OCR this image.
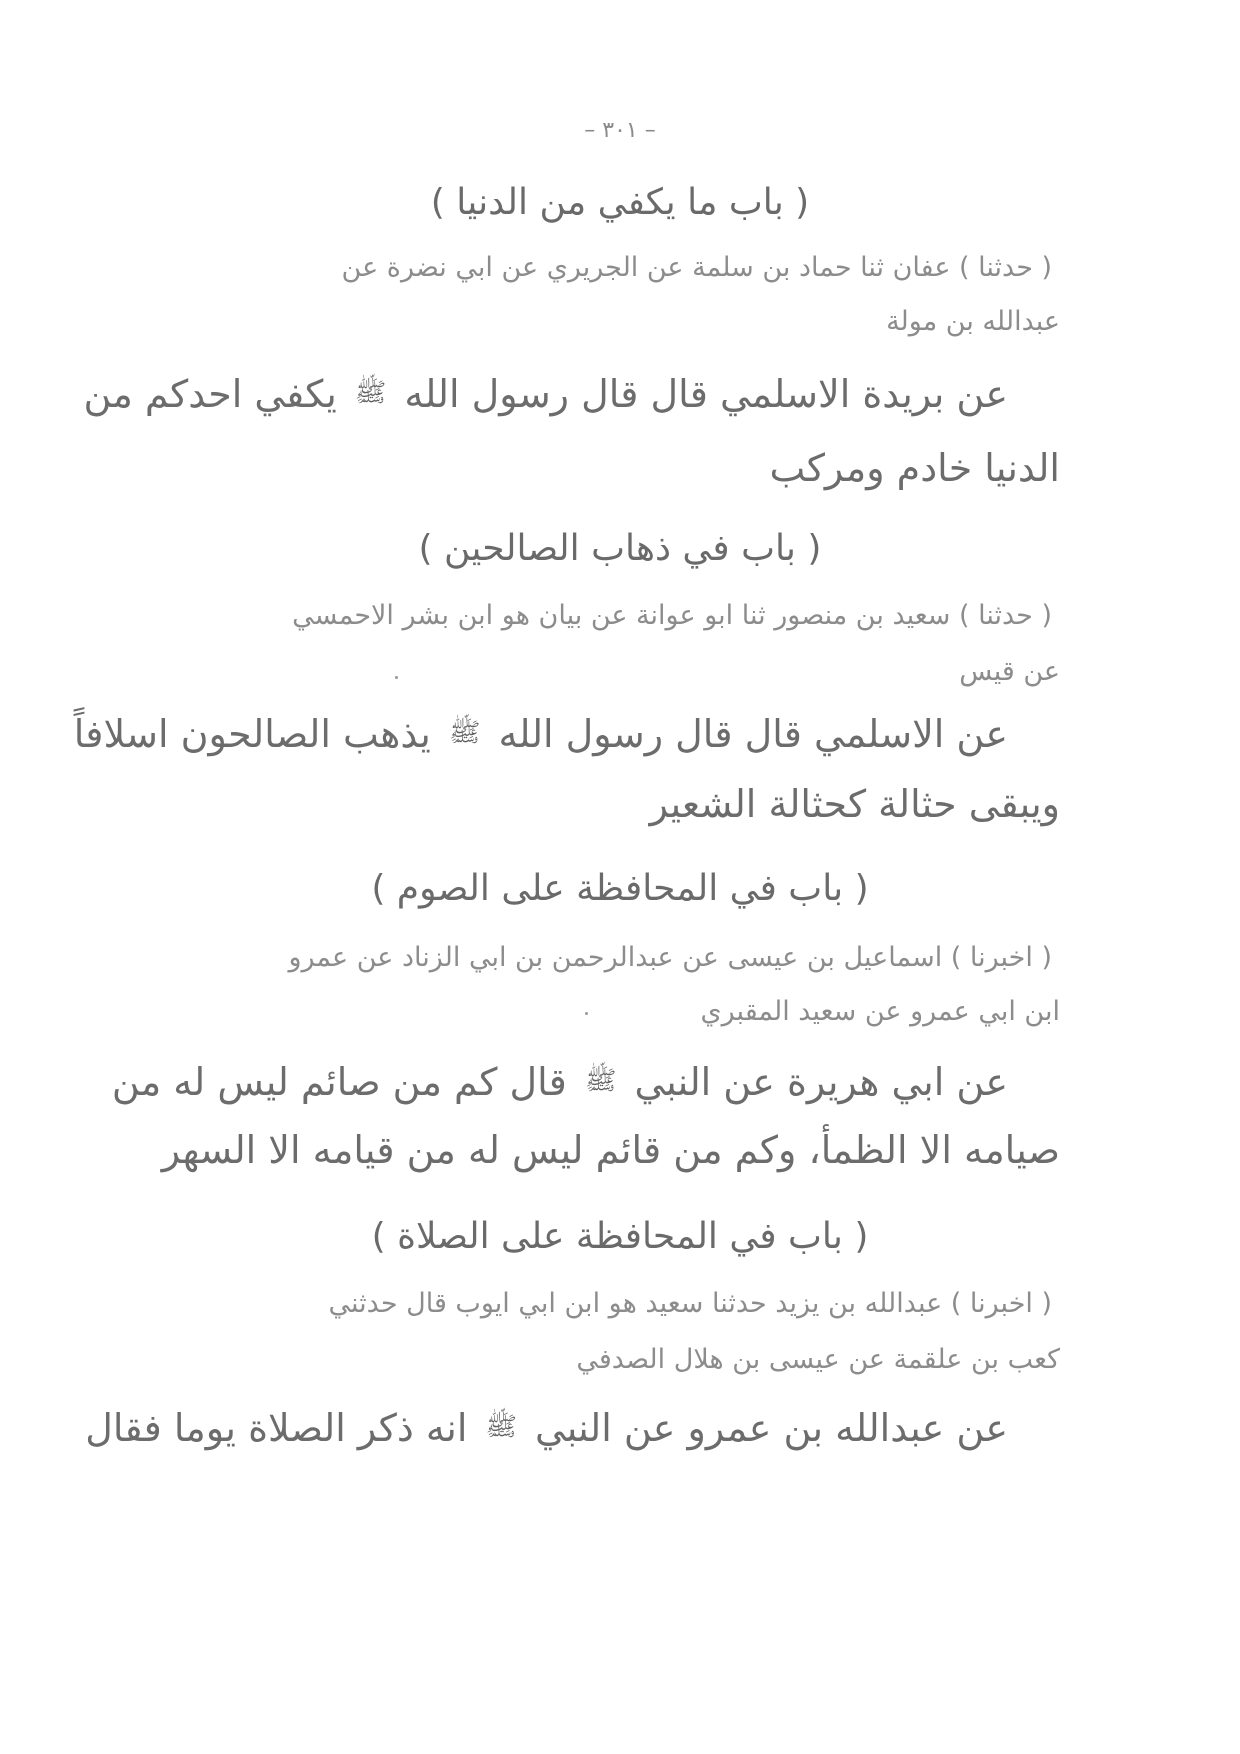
– ٣٠١ –
( باب ما يكفي من الدنيا )
( حدثنا ) عفان ثنا حماد بن سلمة عن الجريري عن ابي نضرة عن
عبدالله بن مولة
عن بريدة الاسلمي قال قال رسول الله ﷺ يكفي احدكم من
الدنيا خادم ومركب
( باب في ذهاب الصالحين )
( حدثنا ) سعيد بن منصور ثنا ابو عوانة عن بيان هو ابن بشر الاحمسي
عن قيس
عن الاسلمي قال قال رسول الله ﷺ يذهب الصالحون اسلافاً
ويبقى حثالة كحثالة الشعير
( باب في المحافظة على الصوم )
( اخبرنا ) اسماعيل بن عيسى عن عبدالرحمن بن ابي الزناد عن عمرو
ابن ابي عمرو عن سعيد المقبري
عن ابي هريرة عن النبي ﷺ قال كم من صائم ليس له من
صيامه الا الظمأ، وكم من قائم ليس له من قيامه الا السهر
( باب في المحافظة على الصلاة )
( اخبرنا ) عبدالله بن يزيد حدثنا سعيد هو ابن ابي ايوب قال حدثني
كعب بن علقمة عن عيسى بن هلال الصدفي
عن عبدالله بن عمرو عن النبي ﷺ انه ذكر الصلاة يوما فقال
